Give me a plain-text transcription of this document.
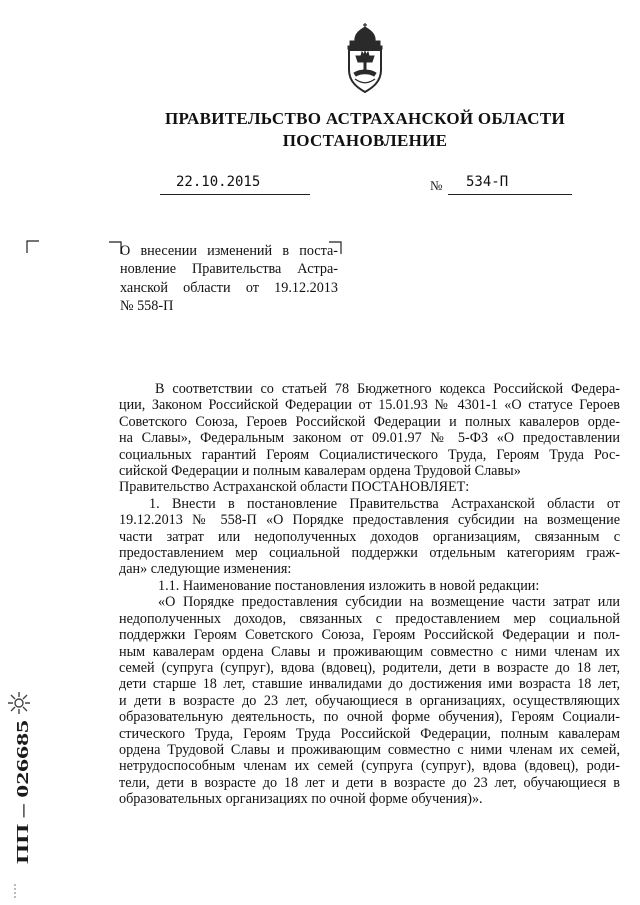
ПРАВИТЕЛЬСТВО АСТРАХАНСКОЙ ОБЛАСТИ
ПОСТАНОВЛЕНИЕ
22.10.2015	№ 534-П
О внесении изменений в поста-
новление Правительства Астра-
ханской области от 19.12.2013
№ 558-П
В соответствии со статьей 78 Бюджетного кодекса Российской Федера-
ции, Законом Российской Федерации от 15.01.93 № 4301-1 «О статусе Героев
Советского Союза, Героев Российской Федерации и полных кавалеров орде-
на Славы», Федеральным законом от 09.01.97 № 5-ФЗ «О предоставлении
социальных гарантий Героям Социалистического Труда, Героям Труда Рос-
сийской Федерации и полным кавалерам ордена Трудовой Славы»
Правительство Астраханской области ПОСТАНОВЛЯЕТ:
1. Внести в постановление Правительства Астраханской области от
19.12.2013 № 558-П «О Порядке предоставления субсидии на возмещение
части затрат или недополученных доходов организациям, связанным с
предоставлением мер социальной поддержки отдельным категориям граж-
дан» следующие изменения:
1.1. Наименование постановления изложить в новой редакции:
«О Порядке предоставления субсидии на возмещение части затрат или
недополученных доходов, связанных с предоставлением мер социальной
поддержки Героям Советского Союза, Героям Российской Федерации и пол-
ным кавалерам ордена Славы и проживающим совместно с ними членам их
семей (супруга (супруг), вдова (вдовец), родители, дети в возрасте до 18 лет,
дети старше 18 лет, ставшие инвалидами до достижения ими возраста 18 лет,
и дети в возрасте до 23 лет, обучающиеся в организациях, осуществляющих
образовательную деятельность, по очной форме обучения), Героям Социали-
стического Труда, Героям Труда Российской Федерации, полным кавалерам
ордена Трудовой Славы и проживающим совместно с ними членам их семей,
нетрудоспособным членам их семей (супруга (супруг), вдова (вдовец), роди-
тели, дети в возрасте до 18 лет и дети в возрасте до 23 лет, обучающиеся в
образовательных организациях по очной форме обучения)».
ПП – 026685
